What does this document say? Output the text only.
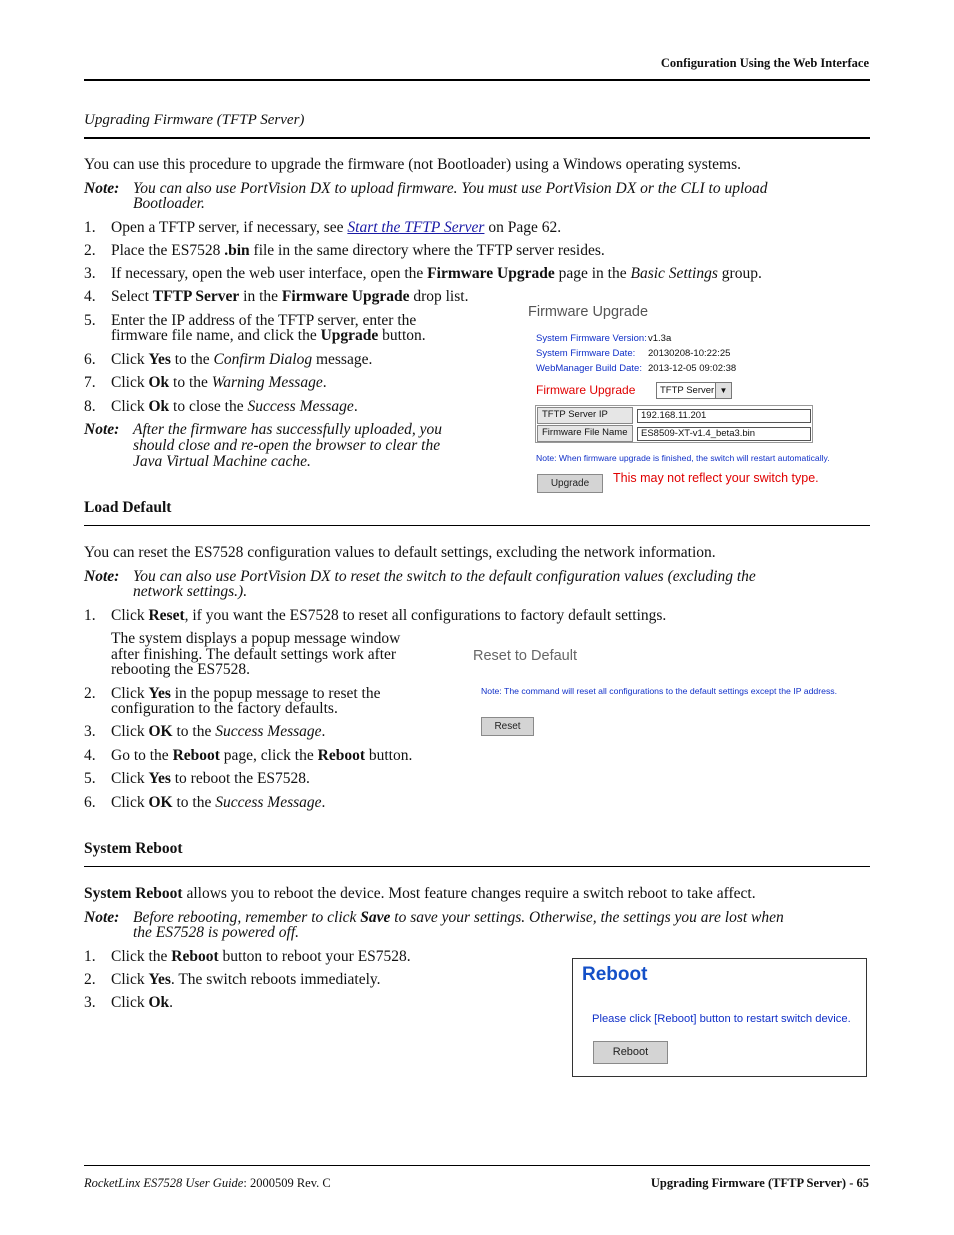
Configuration Using the Web Interface
Upgrading Firmware (TFTP Server)
You can use this procedure to upgrade the firmware (not Bootloader) using a Windows operating systems.
Note: You can also use PortVision DX to upload firmware. You must use PortVision DX or the CLI to upload
Bootloader.
1. Open a TFTP server, if necessary, see Start the TFTP Server on Page 62.
2. Place the ES7528 .bin file in the same directory where the TFTP server resides.
3. If necessary, open the web user interface, open the Firmware Upgrade page in the Basic Settings group.
4. Select TFTP Server in the Firmware Upgrade drop list.
5. Enter the IP address of the TFTP server, enter the
firmware file name, and click the Upgrade button.
6. Click Yes to the Confirm Dialog message.
7. Click Ok to the Warning Message.
8. Click Ok to close the Success Message.
Note: After the firmware has successfully uploaded, you
should close and re-open the browser to clear the
Java Virtual Machine cache.
Firmware Upgrade
System Firmware Version: v1.3a
System Firmware Date: 20130208-10:22:25
WebManager Build Date: 2013-12-05 09:02:38
Firmware Upgrade	TFTP Server ▼
TFTP Server IP	192.168.11.201
Firmware File Name	ES8509-XT-v1.4_beta3.bin
Note: When firmware upgrade is finished, the switch will restart automatically.
Upgrade	This may not reflect your switch type.
Load Default
You can reset the ES7528 configuration values to default settings, excluding the network information.
Note: You can also use PortVision DX to reset the switch to the default configuration values (excluding the
network settings.).
1. Click Reset, if you want the ES7528 to reset all configurations to factory default settings.
The system displays a popup message window
after finishing. The default settings work after
rebooting the ES7528.
2. Click Yes in the popup message to reset the
configuration to the factory defaults.
3. Click OK to the Success Message.
4. Go to the Reboot page, click the Reboot button.
5. Click Yes to reboot the ES7528.
6. Click OK to the Success Message.
Reset to Default
Note: The command will reset all configurations to the default settings except the IP address.
Reset
System Reboot
System Reboot allows you to reboot the device. Most feature changes require a switch reboot to take affect.
Note: Before rebooting, remember to click Save to save your settings. Otherwise, the settings you are lost when
the ES7528 is powered off.
1. Click the Reboot button to reboot your ES7528.
2. Click Yes. The switch reboots immediately.
3. Click Ok.
Reboot
Please click [Reboot] button to restart switch device.
Reboot
RocketLinx ES7528 User Guide: 2000509 Rev. C	Upgrading Firmware (TFTP Server) - 65
